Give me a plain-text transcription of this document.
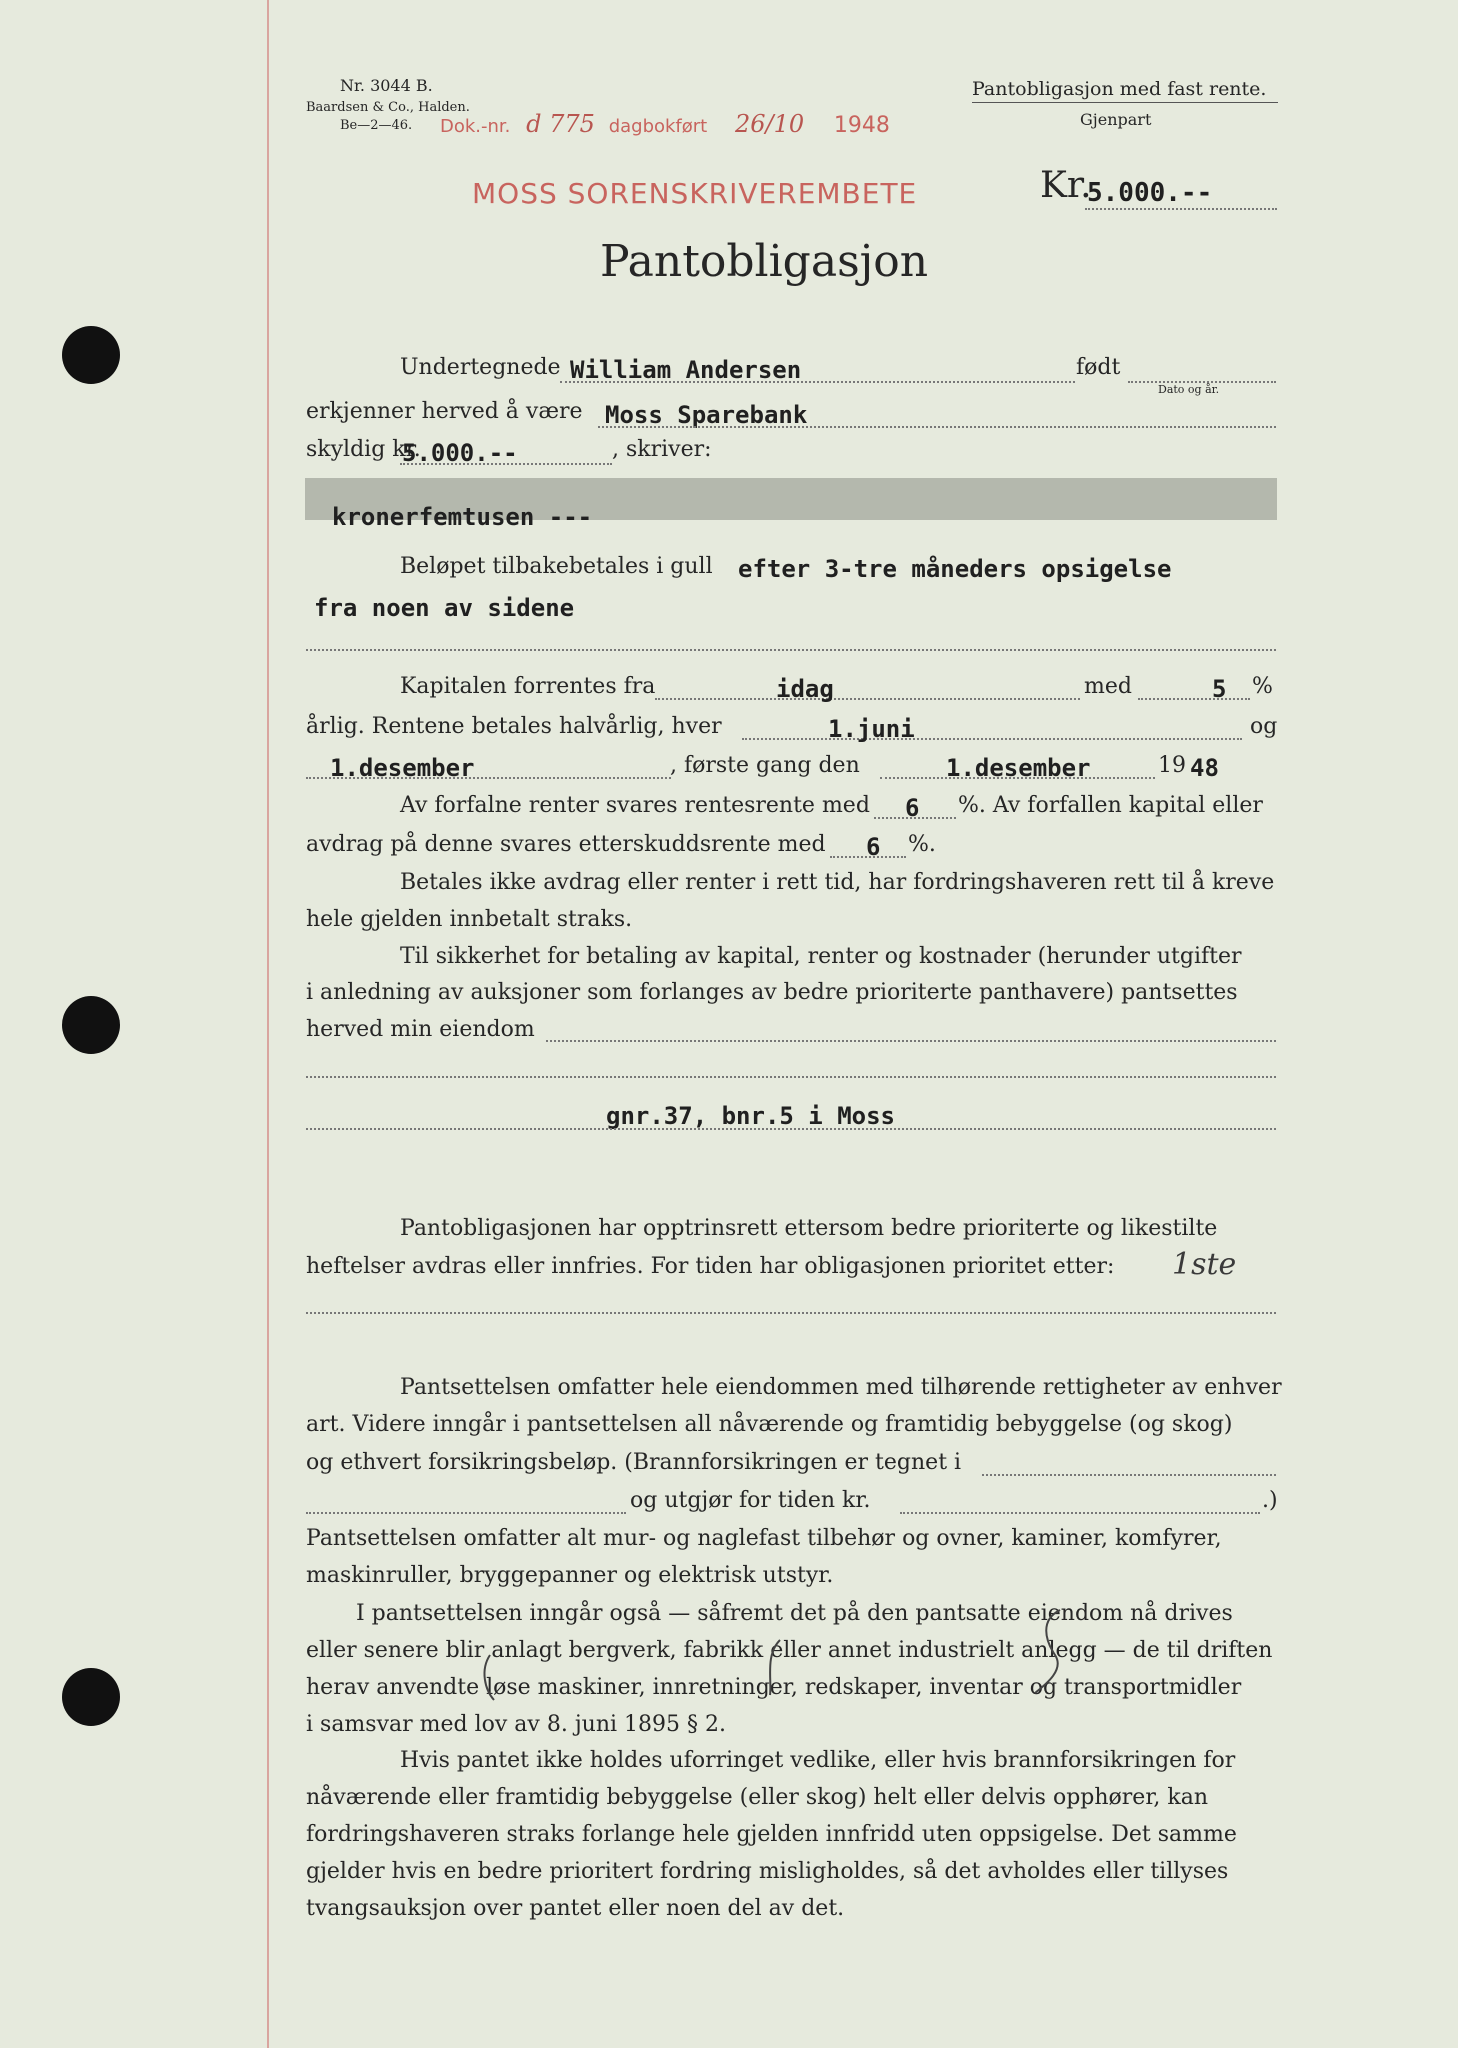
Nr. 3044 B.
Baardsen & Co., Halden.
Be—2—46.
Pantobligasjon med fast rente.
Gjenpart
Dok.-nr. d 775 dagbokført 26/10 1948
MOSS SORENSKRIVEREMBETE	Kr.
5.000.--
Pantobligasjon
Undertegnede William Andersen	født
Dato og år.
erkjenner herved å være Moss Sparebank
skyldig kr.
5.000.--	, skriver:
kronerfemtusen ---
Beløpet tilbakebetales i gull efter 3-tre måneders opsigelse
fra noen av sidene
Kapitalen forrentes fra	idag	med	5 %
årlig. Rentene betales halvårlig, hver	1.juni	og
1.desember	, første gang den	1.desember	19 48
Av forfalne renter svares rentesrente med 6 %. Av forfallen kapital eller
avdrag på denne svares etterskuddsrente med 6 %.
Betales ikke avdrag eller renter i rett tid, har fordringshaveren rett til å kreve
hele gjelden innbetalt straks.
Til sikkerhet for betaling av kapital, renter og kostnader (herunder utgifter
i anledning av auksjoner som forlanges av bedre prioriterte panthavere) pantsettes
herved min eiendom
gnr.37, bnr.5 i Moss
Pantobligasjonen har opptrinsrett ettersom bedre prioriterte og likestilte
heftelser avdras eller innfries. For tiden har obligasjonen prioritet etter: 1ste
Pantsettelsen omfatter hele eiendommen med tilhørende rettigheter av enhver
art. Videre inngår i pantsettelsen all nåværende og framtidig bebyggelse (og skog)
og ethvert forsikringsbeløp. (Brannforsikringen er tegnet i
og utgjør for tiden kr.	.)
Pantsettelsen omfatter alt mur- og naglefast tilbehør og ovner, kaminer, komfyrer,
maskinruller, bryggepanner og elektrisk utstyr.
I pantsettelsen inngår også — såfremt det på den pantsatte eiendom nå drives
eller senere blir anlagt bergverk, fabrikk eller annet industrielt anlegg — de til driften
herav anvendte løse maskiner, innretninger, redskaper, inventar og transportmidler
i samsvar med lov av 8. juni 1895 § 2.
Hvis pantet ikke holdes uforringet vedlike, eller hvis brannforsikringen for
nåværende eller framtidig bebyggelse (eller skog) helt eller delvis opphører, kan
fordringshaveren straks forlange hele gjelden innfridd uten oppsigelse. Det samme
gjelder hvis en bedre prioritert fordring misligholdes, så det avholdes eller tillyses
tvangsauksjon over pantet eller noen del av det.
